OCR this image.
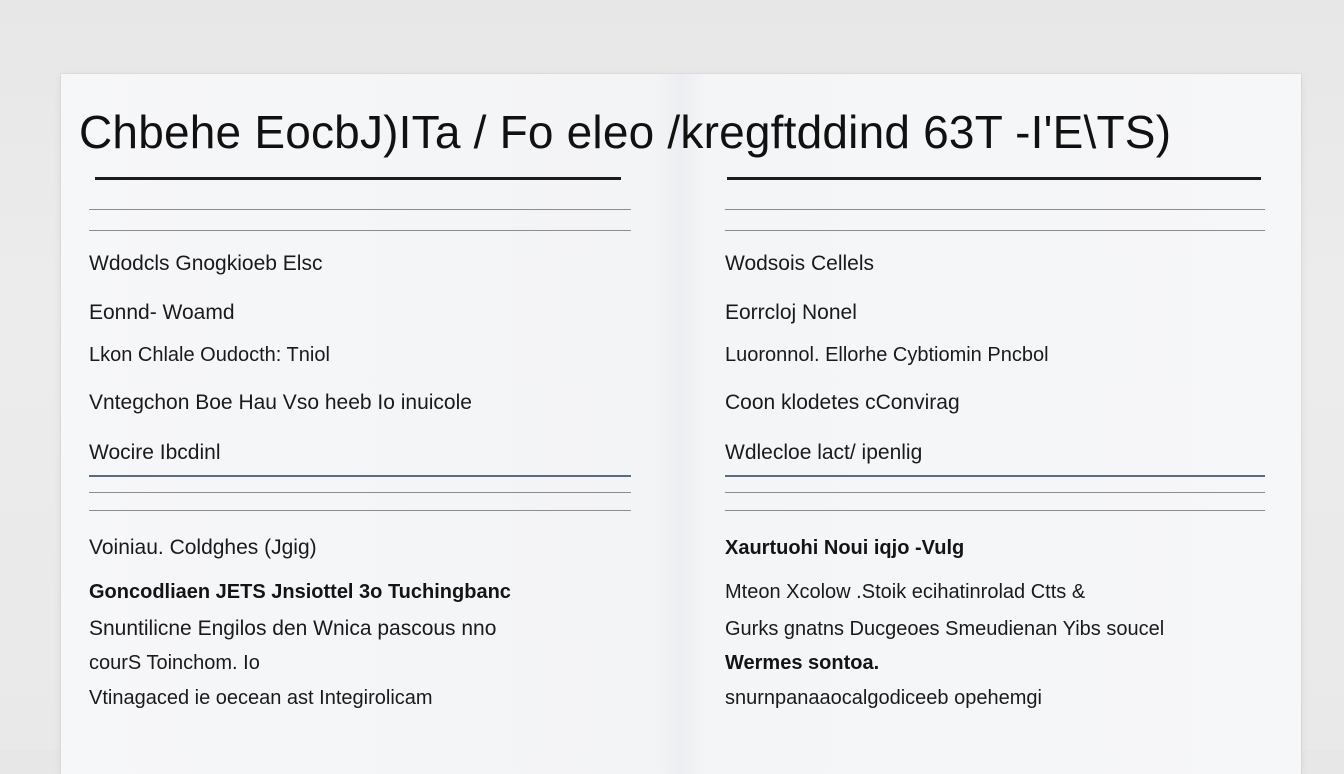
Chbehe EocbJ)ITa / Fo eleo /kregftddind 63T -I'E\TS)
Wdodcls Gnogkioeb Elsc
Eonnd- Woamd
Lkon Chlale Oudocth: Tniol
Vntegchon Boe Hau Vso heeb Io inuicole
Wocire Ibcdinl
Voiniau. Coldghes (Jgig)
Goncodliaen JETS Jnsiottel 3o Tuchingbanc
Snuntilicne Engilos den Wnica pascous nno
courS Toinchom. Io
Vtinagaced ie oecean ast Integirolicam
Wodsois Cellels
Eorrcloj Nonel
Luoronnol. Ellorhe Cybtiomin Pncbol
Coon klodetes cConvirag
Wdlecloe lact/ ipenlig
Xaurtuohi Noui iqjo -Vulg
Mteon Xcolow .Stoik ecihatinrolad Ctts &
Gurks gnatns Ducgeoes Smeudienan Yibs soucel
Wermes sontoa.
snurnpanaaocalgodiceeb opehemgi
